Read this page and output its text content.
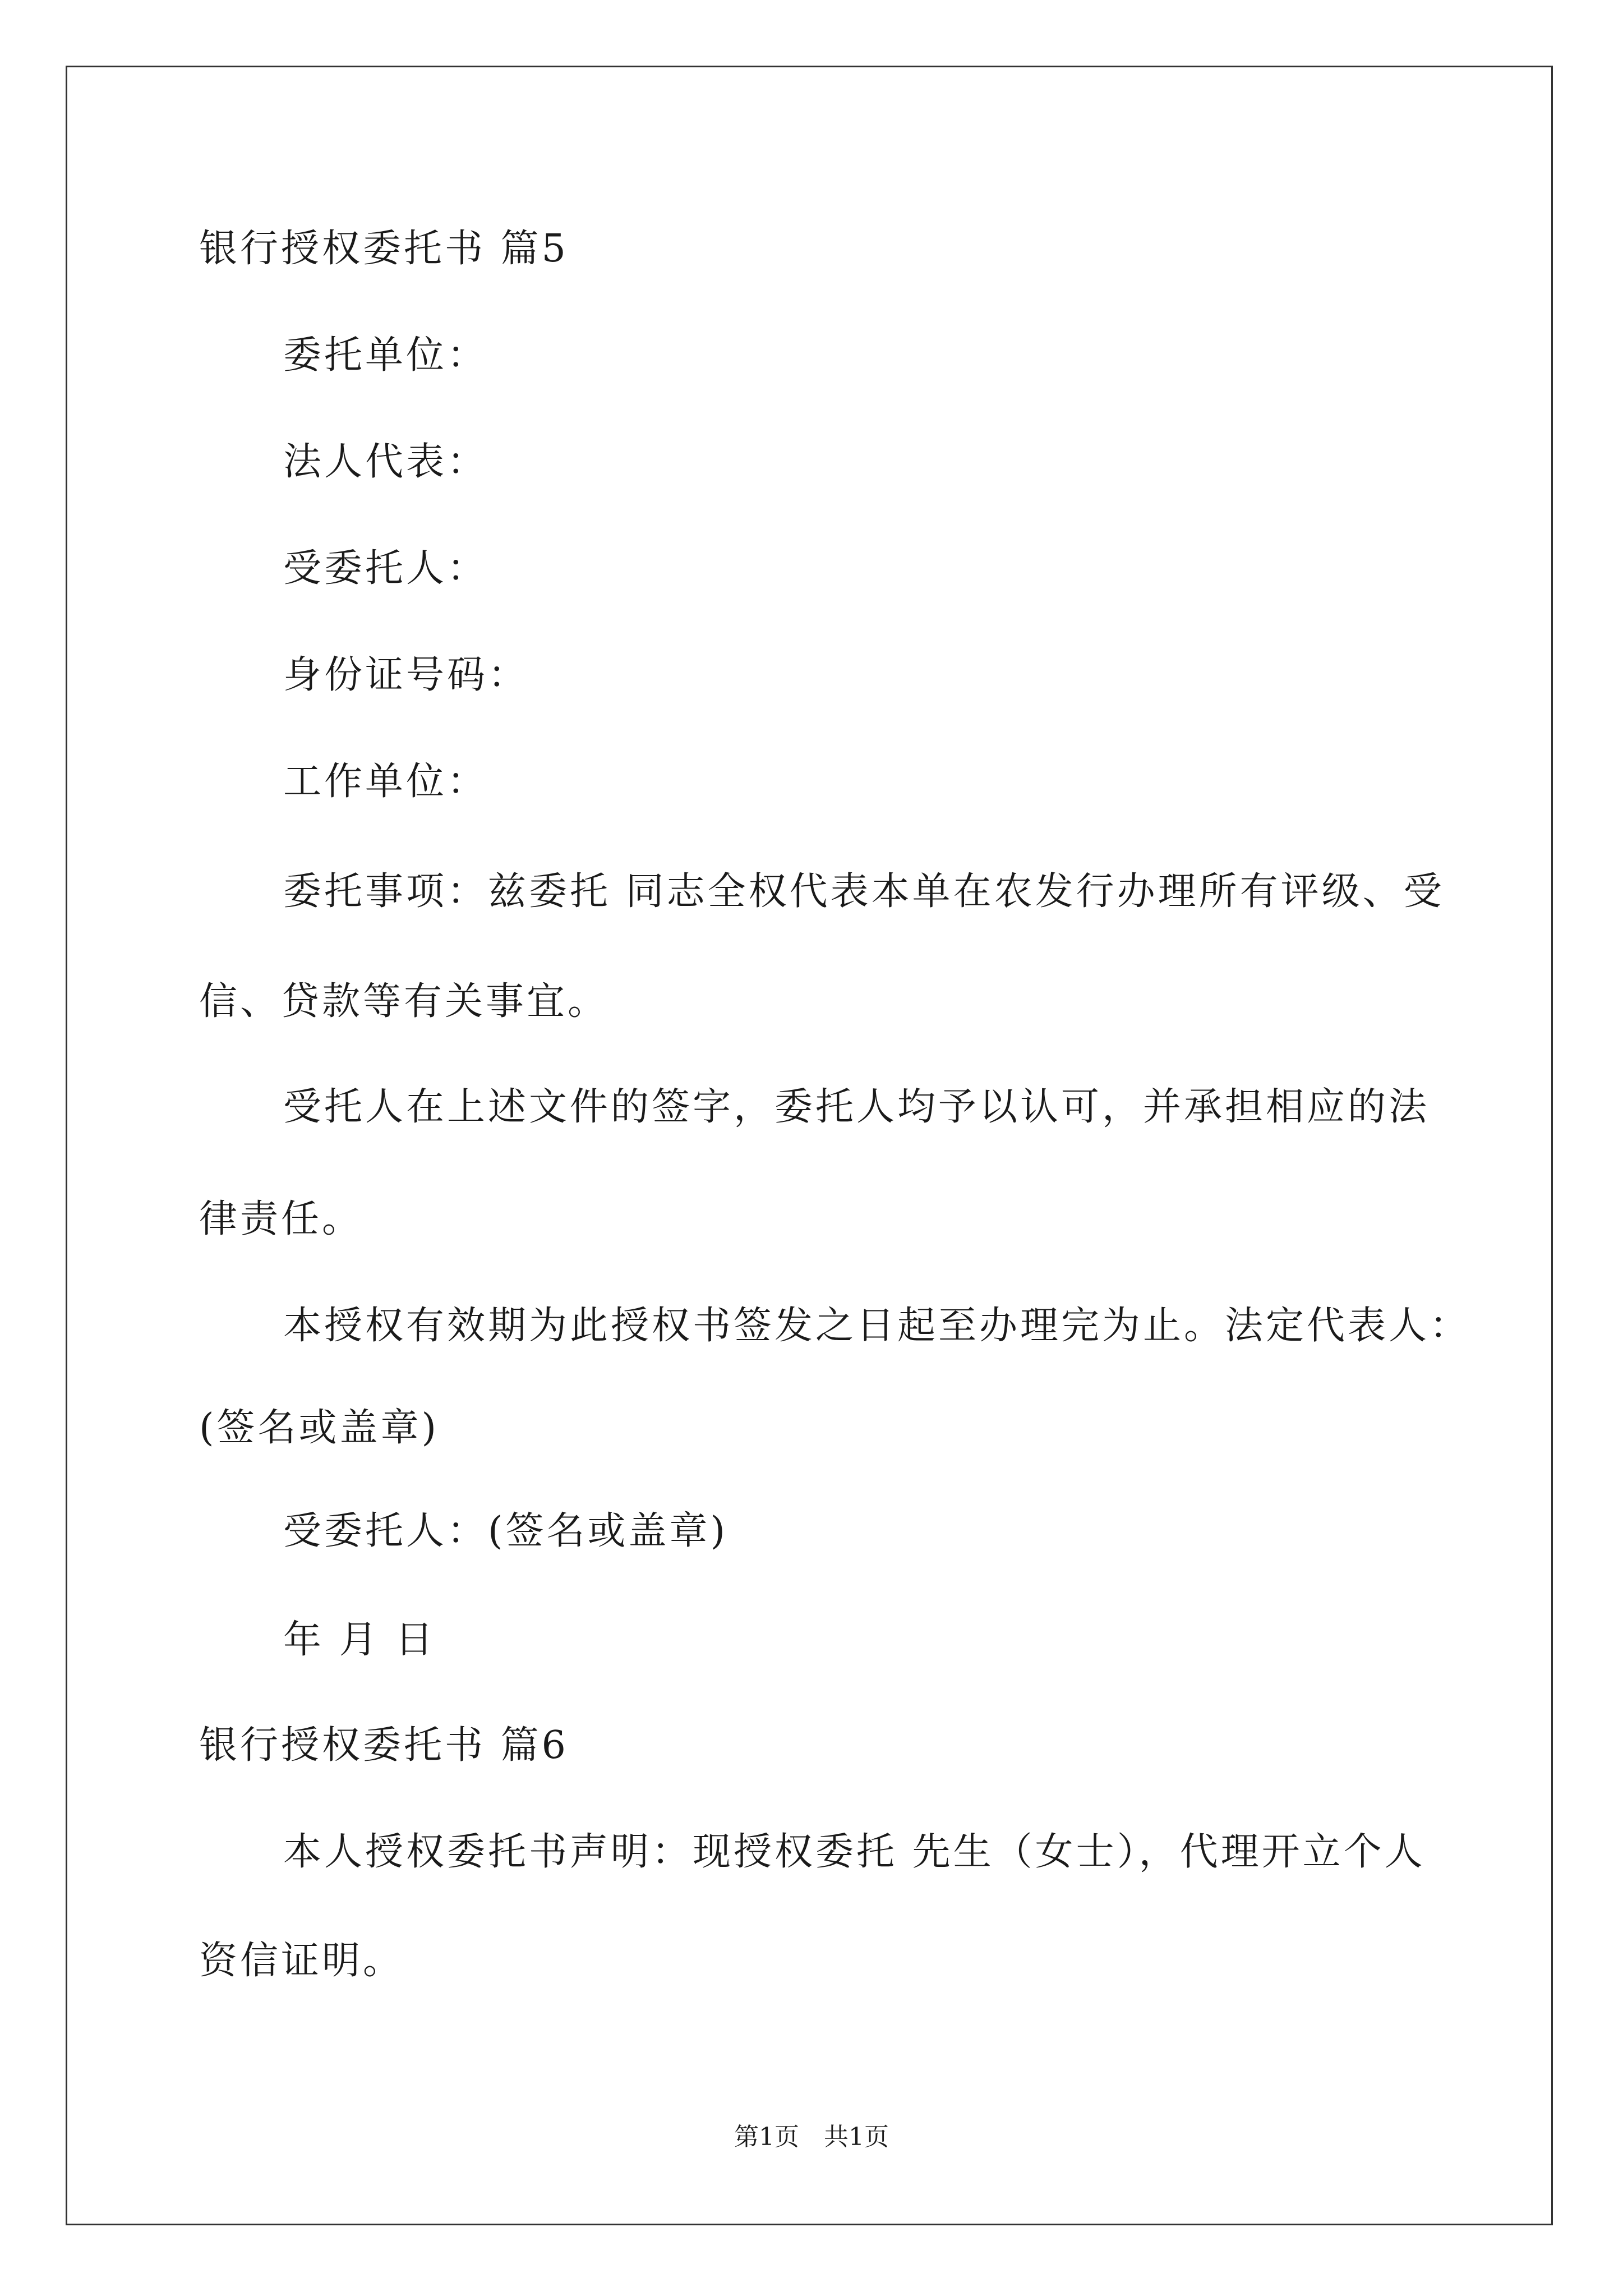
银行授权委托书 篇5
委托单位：
法人代表：
受委托人：
身份证号码：
工作单位：
委托事项：兹委托 同志全权代表本单在农发行办理所有评级、受
信、贷款等有关事宜。
受托人在上述文件的签字，委托人均予以认可，并承担相应的法
律责任。
本授权有效期为此授权书签发之日起至办理完为止。法定代表人：
(签名或盖章)
受委托人：(签名或盖章)
年 月 日
银行授权委托书 篇6
本人授权委托书声明：现授权委托 先生（女士），代理开立个人
资信证明。
第1页　共1页
